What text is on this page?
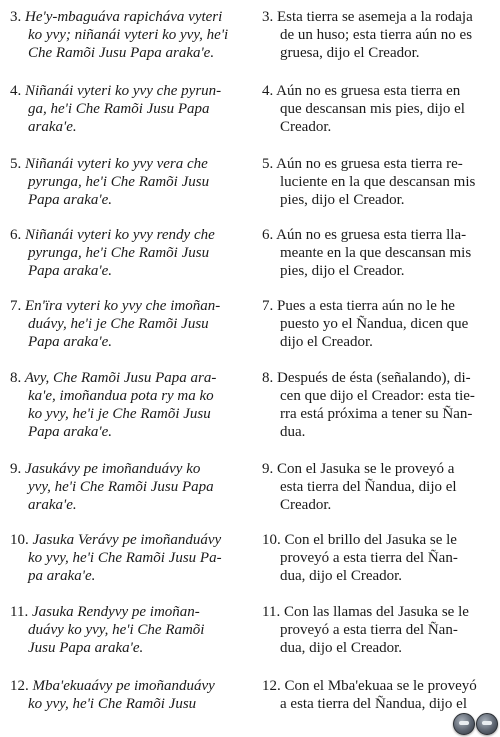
3. He'y-mbaguáva rapicháva vyteri
ko yvy; niñanái vyteri ko yvy, he'i
Che Ramõi Jusu Papa araka'e.
3. Esta tierra se asemeja a la rodaja
de un huso; esta tierra aún no es
gruesa, dijo el Creador.
4. Niñanái vyteri ko yvy che pyrun-
ga, he'i Che Ramõi Jusu Papa
araka'e.
4. Aún no es gruesa esta tierra en
que descansan mis pies, dijo el
Creador.
5. Niñanái vyteri ko yvy vera che
pyrunga, he'i Che Ramõi Jusu
Papa araka'e.
5. Aún no es gruesa esta tierra re-
luciente en la que descansan mis
pies, dijo el Creador.
6. Niñanái vyteri ko yvy rendy che
pyrunga, he'i Che Ramõi Jusu
Papa araka'e.
6. Aún no es gruesa esta tierra lla-
meante en la que descansan mis
pies, dijo el Creador.
7. En'ïra vyteri ko yvy che imoñan-
duávy, he'i je Che Ramõi Jusu
Papa araka'e.
7. Pues a esta tierra aún no le he
puesto yo el Ñandua, dicen que
dijo el Creador.
8. Avy, Che Ramõi Jusu Papa ara-
ka'e, imoñandua pota ry ma ko
ko yvy, he'i je Che Ramõi Jusu
Papa araka'e.
8. Después de ésta (señalando), di-
cen que dijo el Creador: esta tie-
rra está próxima a tener su Ñan-
dua.
9. Jasukávy pe imoñanduávy ko
yvy, he'i Che Ramõi Jusu Papa
araka'e.
9. Con el Jasuka se le proveyó a
esta tierra del Ñandua, dijo el
Creador.
10. Jasuka Verávy pe imoñanduávy
ko yvy, he'i Che Ramõi Jusu Pa-
pa araka'e.
10. Con el brillo del Jasuka se le
proveyó a esta tierra del Ñan-
dua, dijo el Creador.
11. Jasuka Rendyvy pe imoñan-
duávy ko yvy, he'i Che Ramõi
Jusu Papa araka'e.
11. Con las llamas del Jasuka se le
proveyó a esta tierra del Ñan-
dua, dijo el Creador.
12. Mba'ekuaávy pe imoñanduávy
ko yvy, he'i Che Ramõi Jusu
12. Con el Mba'ekuaa se le proveyó
a esta tierra del Ñandua, dijo el
